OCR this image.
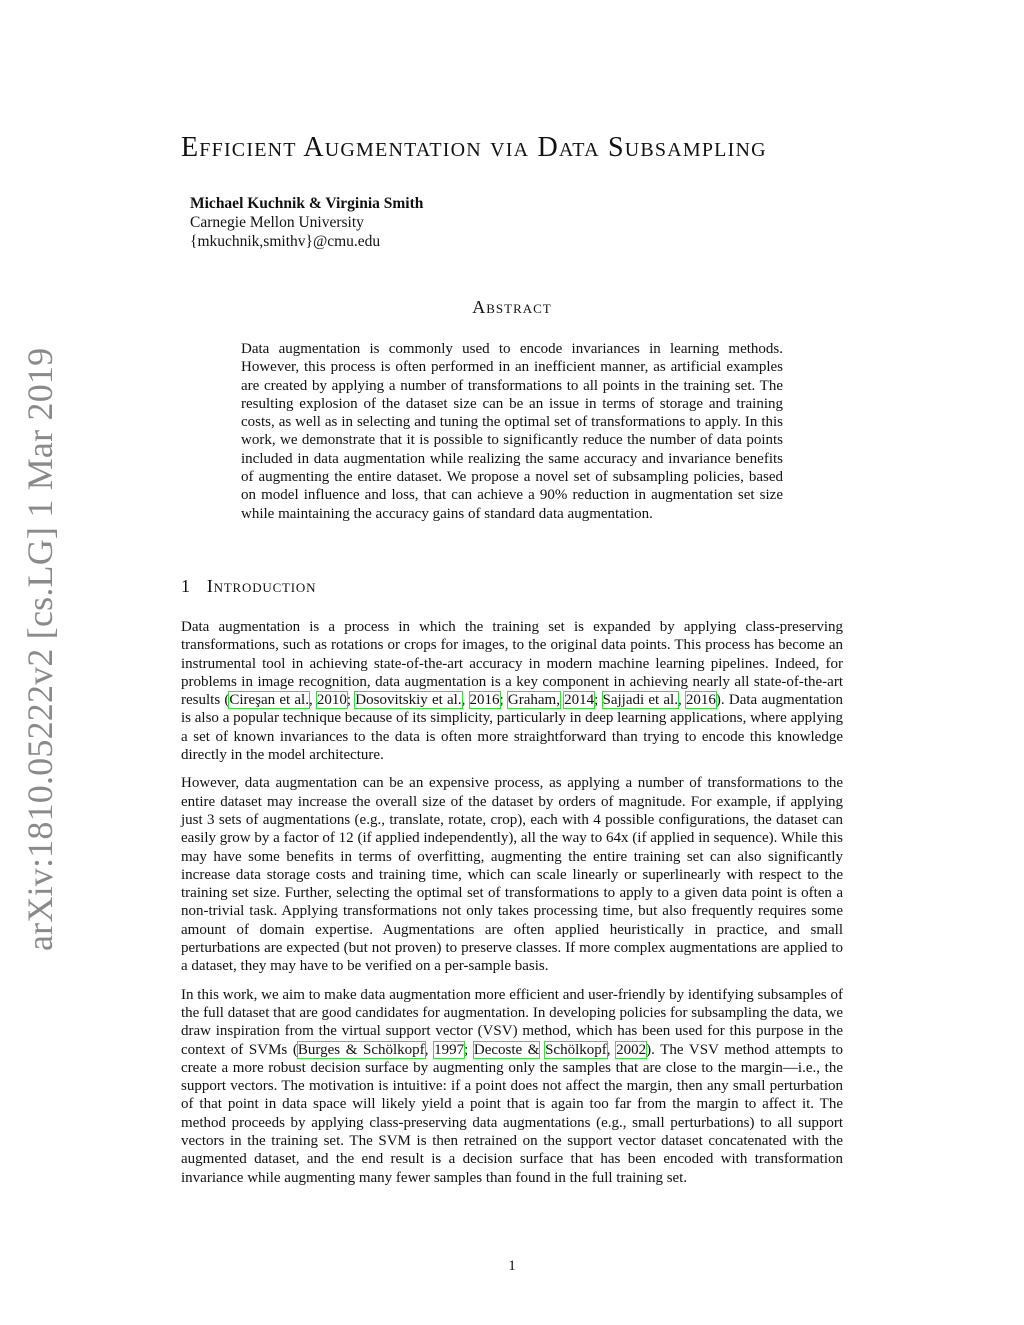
arXiv:1810.05222v2 [cs.LG] 1 Mar 2019
Efficient Augmentation via Data Subsampling
Michael Kuchnik & Virginia Smith
Carnegie Mellon University
{mkuchnik,smithv}@cmu.edu
Abstract
Data augmentation is commonly used to encode invariances in learning methods. However, this process is often performed in an inefficient manner, as artificial examples are created by applying a number of transformations to all points in the training set. The resulting explosion of the dataset size can be an issue in terms of storage and training costs, as well as in selecting and tuning the optimal set of transformations to apply. In this work, we demonstrate that it is possible to significantly reduce the number of data points included in data augmentation while realizing the same accuracy and invariance benefits of augmenting the entire dataset. We propose a novel set of subsampling policies, based on model influence and loss, that can achieve a 90% reduction in augmentation set size while maintaining the accuracy gains of standard data augmentation.
1 Introduction

Data augmentation is a process in which the training set is expanded by applying class-preserving transformations, such as rotations or crops for images, to the original data points. This process has become an instrumental tool in achieving state-of-the-art accuracy in modern machine learning pipelines. Indeed, for problems in image recognition, data augmentation is a key component in achieving nearly all state-of-the-art results (Cireşan et al., 2010; Dosovitskiy et al., 2016; Graham, 2014; Sajjadi et al., 2016). Data augmentation is also a popular technique because of its simplicity, particularly in deep learning applications, where applying a set of known invariances to the data is often more straightforward than trying to encode this knowledge directly in the model architecture.

However, data augmentation can be an expensive process, as applying a number of transformations to the entire dataset may increase the overall size of the dataset by orders of magnitude. For example, if applying just 3 sets of augmentations (e.g., translate, rotate, crop), each with 4 possible configurations, the dataset can easily grow by a factor of 12 (if applied independently), all the way to 64x (if applied in sequence). While this may have some benefits in terms of overfitting, augmenting the entire training set can also significantly increase data storage costs and training time, which can scale linearly or superlinearly with respect to the training set size. Further, selecting the optimal set of transformations to apply to a given data point is often a non-trivial task. Applying transformations not only takes processing time, but also frequently requires some amount of domain expertise. Augmentations are often applied heuristically in practice, and small perturbations are expected (but not proven) to preserve classes. If more complex augmentations are applied to a dataset, they may have to be verified on a per-sample basis.

In this work, we aim to make data augmentation more efficient and user-friendly by identifying subsamples of the full dataset that are good candidates for augmentation. In developing policies for subsampling the data, we draw inspiration from the virtual support vector (VSV) method, which has been used for this purpose in the context of SVMs (Burges & Schölkopf, 1997; Decoste & Schölkopf, 2002). The VSV method attempts to create a more robust decision surface by augmenting only the samples that are close to the margin—i.e., the support vectors. The motivation is intuitive: if a point does not affect the margin, then any small perturbation of that point in data space will likely yield a point that is again too far from the margin to affect it. The method proceeds by applying class-preserving data augmentations (e.g., small perturbations) to all support vectors in the training set. The SVM is then retrained on the support vector dataset concatenated with the augmented dataset, and the end result is a decision surface that has been encoded with transformation invariance while augmenting many fewer samples than found in the full training set.

1
